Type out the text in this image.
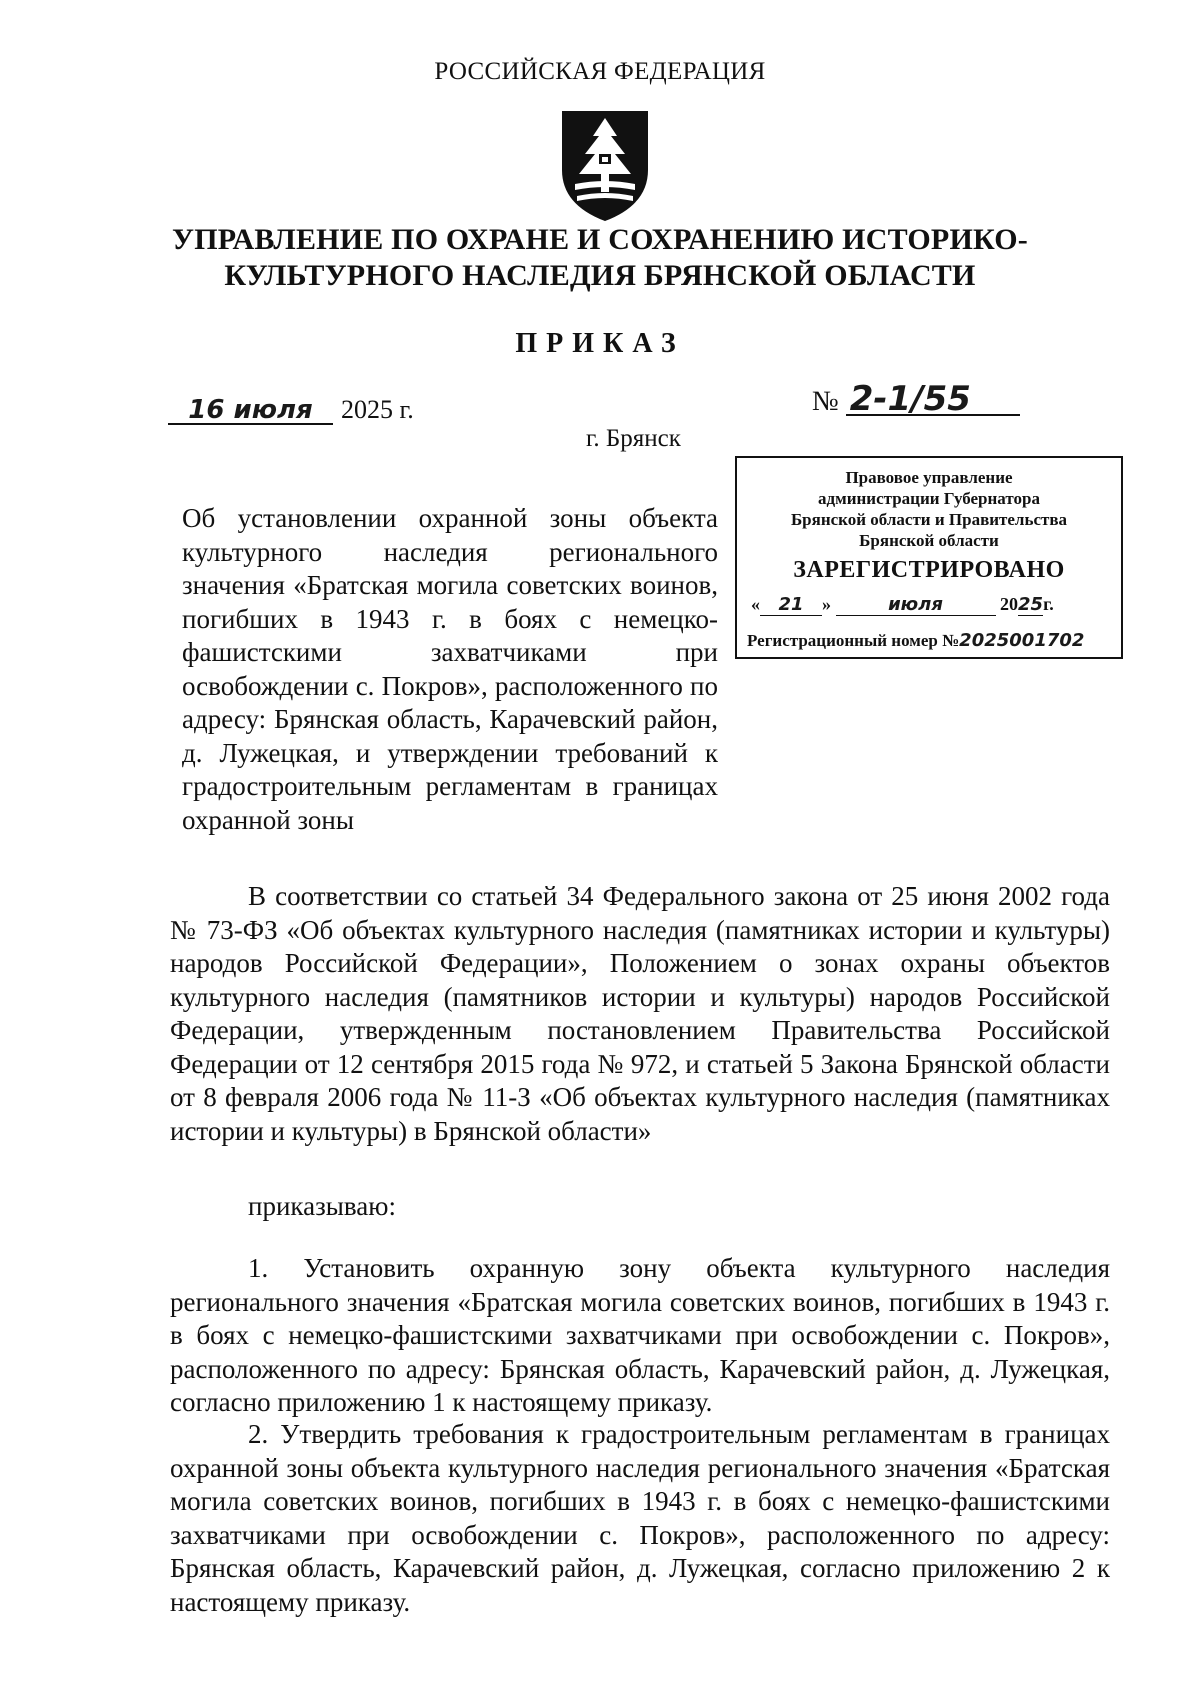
РОССИЙСКАЯ ФЕДЕРАЦИЯ
УПРАВЛЕНИЕ ПО ОХРАНЕ И СОХРАНЕНИЮ ИСТОРИКО-
КУЛЬТУРНОГО НАСЛЕДИЯ БРЯНСКОЙ ОБЛАСТИ
ПРИКАЗ
16 июля 2025 г.	№ 2-1/55
г. Брянск
Правовое управление
администрации Губернатора
Брянской области и Правительства
Брянской области
ЗАРЕГИСТРИРОВАНО
« 21 »	июля	2025г.
Регистрационный номер №2025001702
Об установлении охранной зоны объекта культурного наследия регионального значения «Братская могила советских воинов, погибших в 1943 г. в боях с немецко-фашистскими захватчиками при освобождении с. Покров», расположенного по адресу: Брянская область, Карачевский район, д. Лужецкая, и утверждении требований к градостроительным регламентам в границах охранной зоны
В соответствии со статьей 34 Федерального закона от 25 июня 2002 года № 73-ФЗ «Об объектах культурного наследия (памятниках истории и культуры) народов Российской Федерации», Положением о зонах охраны объектов культурного наследия (памятников истории и культуры) народов Российской Федерации, утвержденным постановлением Правительства Российской Федерации от 12 сентября 2015 года № 972, и статьей 5 Закона Брянской области от 8 февраля 2006 года № 11-З «Об объектах культурного наследия (памятниках истории и культуры) в Брянской области»
приказываю:
1. Установить охранную зону объекта культурного наследия регионального значения «Братская могила советских воинов, погибших в 1943 г. в боях с немецко-фашистскими захватчиками при освобождении с. Покров», расположенного по адресу: Брянская область, Карачевский район, д. Лужецкая, согласно приложению 1 к настоящему приказу.
2. Утвердить требования к градостроительным регламентам в границах охранной зоны объекта культурного наследия регионального значения «Братская могила советских воинов, погибших в 1943 г. в боях с немецко-фашистскими захватчиками при освобождении с. Покров», расположенного по адресу: Брянская область, Карачевский район, д. Лужецкая, согласно приложению 2 к настоящему приказу.
